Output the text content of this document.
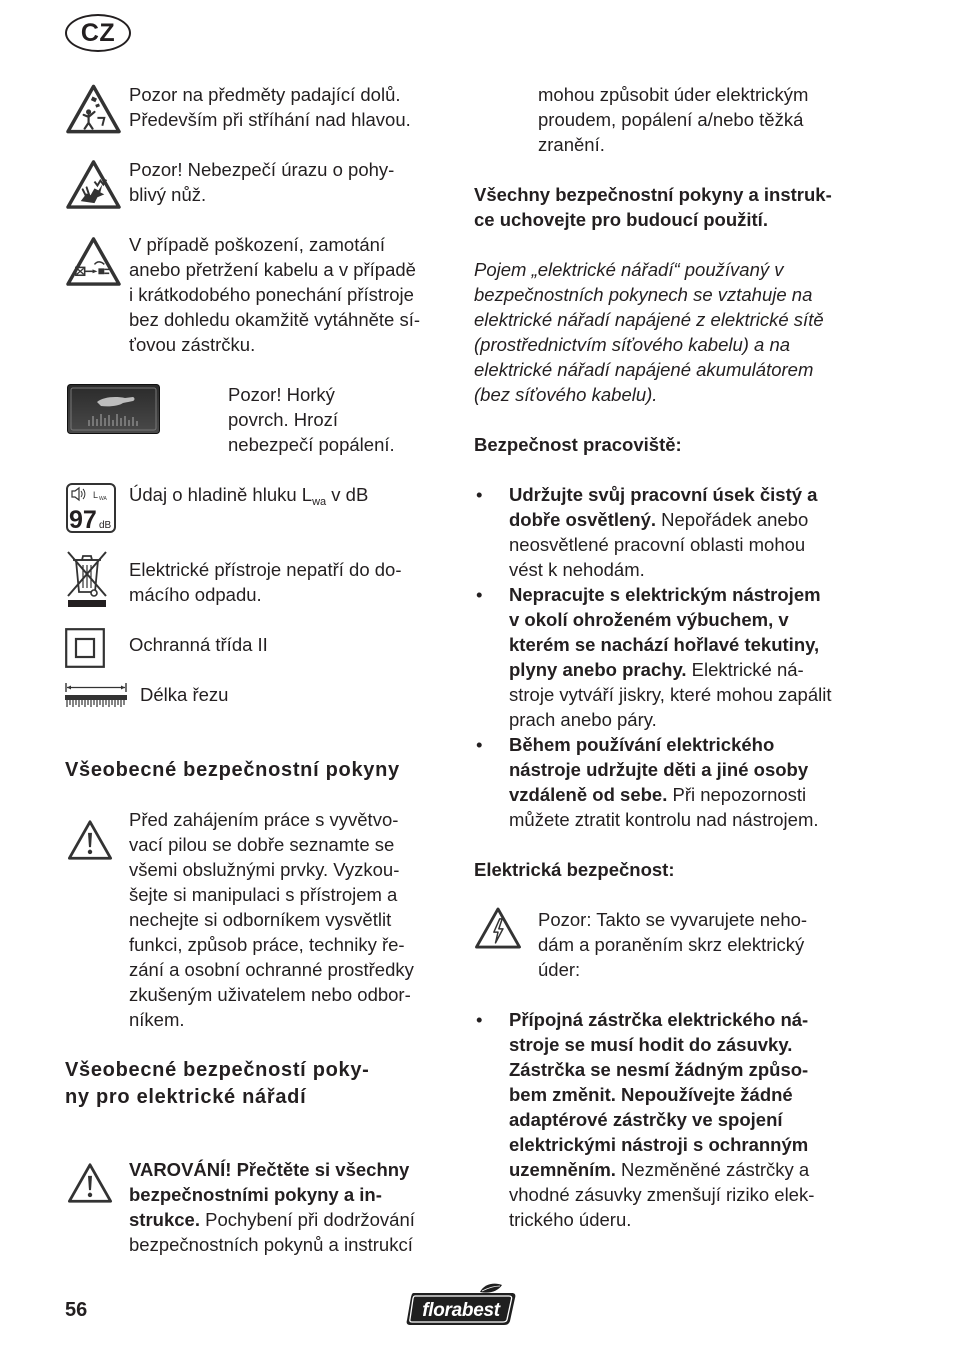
CZ
Pozor na předměty padající dolů.
Především při stříhání nad hlavou.
Pozor! Nebezpečí úrazu o pohy-
blivý nůž.
V případě poškození, zamotání
anebo přetržení kabelu a v případě
i krátkodobého ponechání přístroje
bez dohledu okamžitě vytáhněte sí-
ťovou zástrčku.
Pozor! Horký
povrch. Hrozí
nebezpečí popálení.
L WA
97 dB
Údaj o hladině hluku $L_{wa}$ v dB
Elektrické přístroje nepatří do do-
mácího odpadu.
Ochranná třída II
Délka řezu
Všeobecné bezpečnostní pokyny
Před zahájením práce s vyvětvo-
vací pilou se dobře seznamte se
všemi obslužnými prvky. Vyzkou-
šejte si manipulaci s přístrojem a
nechejte si odborníkem vysvětlit
funkci, způsob práce, techniky ře-
zání a osobní ochranné prostředky
zkušeným uživatelem nebo odbor-
níkem.
Všeobecné bezpečností poky-
ny pro elektrické nářadí
VAROVÁNÍ! Přečtěte si všechny
bezpečnostními pokyny a in-
strukce. Pochybení při dodržování
bezpečnostních pokynů a instrukcí
mohou způsobit úder elektrickým
proudem, popálení a/nebo těžká
zranění.
Všechny bezpečnostní pokyny a instruk-
ce uchovejte pro budoucí použití.
Pojem „elektrické nářadí“ používaný v
bezpečnostních pokynech se vztahuje na
elektrické nářadí napájené z elektrické sítě
(prostřednictvím síťového kabelu) a na
elektrické nářadí napájené akumulátorem
(bez síťového kabelu).
Bezpečnost pracoviště:
• Udržujte svůj pracovní úsek čistý a
dobře osvětlený. Nepořádek anebo
neosvětlené pracovní oblasti mohou
vést k nehodám.
• Nepracujte s elektrickým nástrojem
v okolí ohroženém výbuchem, v
kterém se nachází hořlavé tekutiny,
plyny anebo prachy. Elektrické ná-
stroje vytváří jiskry, které mohou zapálit
prach anebo páry.
• Během používání elektrického
nástroje udržujte děti a jiné osoby
vzdáleně od sebe. Při nepozornosti
můžete ztratit kontrolu nad nástrojem.
Elektrická bezpečnost:
Pozor: Takto se vyvarujete neho-
dám a poraněním skrz elektrický
úder:
• Přípojná zástrčka elektrického ná-
stroje se musí hodit do zásuvky.
Zástrčka se nesmí žádným způso-
bem změnit. Nepoužívejte žádné
adaptérové zástrčky ve spojení
elektrickými nástroji s ochranným
uzemněním. Nezměněné zástrčky a
vhodné zásuvky zmenšují riziko elek-
trického úderu.
56	florabest
